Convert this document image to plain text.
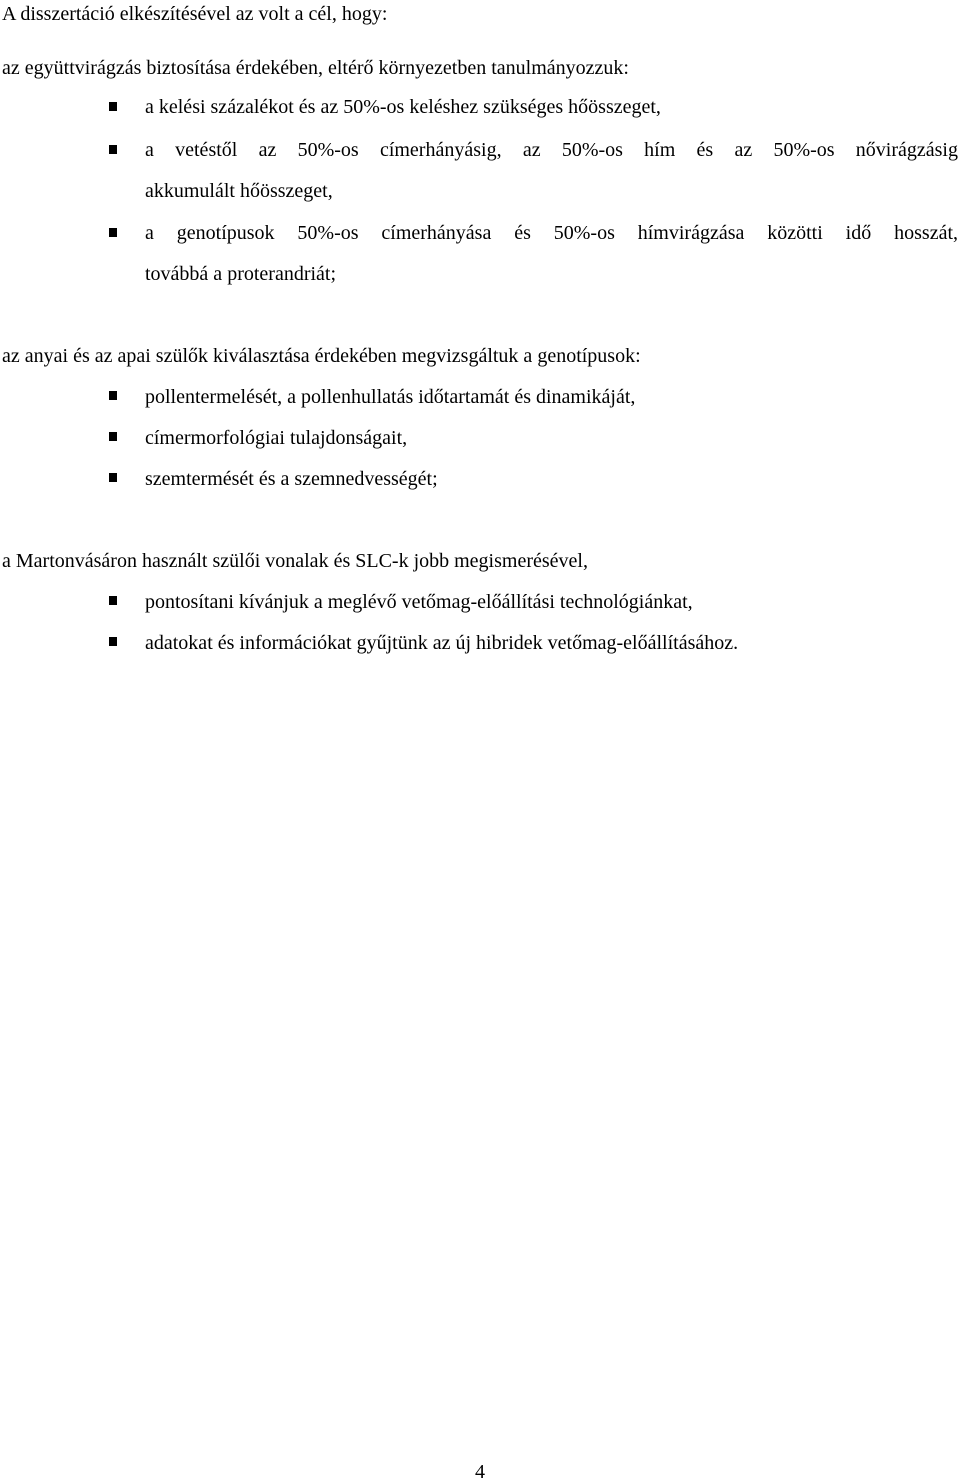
A disszertáció elkészítésével az volt a cél, hogy:
az együttvirágzás biztosítása érdekében, eltérő környezetben tanulmányozzuk:
a kelési százalékot és az 50%-os keléshez szükséges hőösszeget,
a vetéstől az 50%-os címerhányásig, az 50%-os hím és az 50%-os nővirágzásig
akkumulált hőösszeget,
a genotípusok 50%-os címerhányása és 50%-os hímvirágzása közötti idő hosszát,
továbbá a proterandriát;
az anyai és az apai szülők kiválasztása érdekében megvizsgáltuk a genotípusok:
pollentermelését, a pollenhullatás időtartamát és dinamikáját,
címermorfológiai tulajdonságait,
szemtermését és a szemnedvességét;
a Martonvásáron használt szülői vonalak és SLC-k jobb megismerésével,
pontosítani kívánjuk a meglévő vetőmag-előállítási technológiánkat,
adatokat és információkat gyűjtünk az új hibridek vetőmag-előállításához.
4
